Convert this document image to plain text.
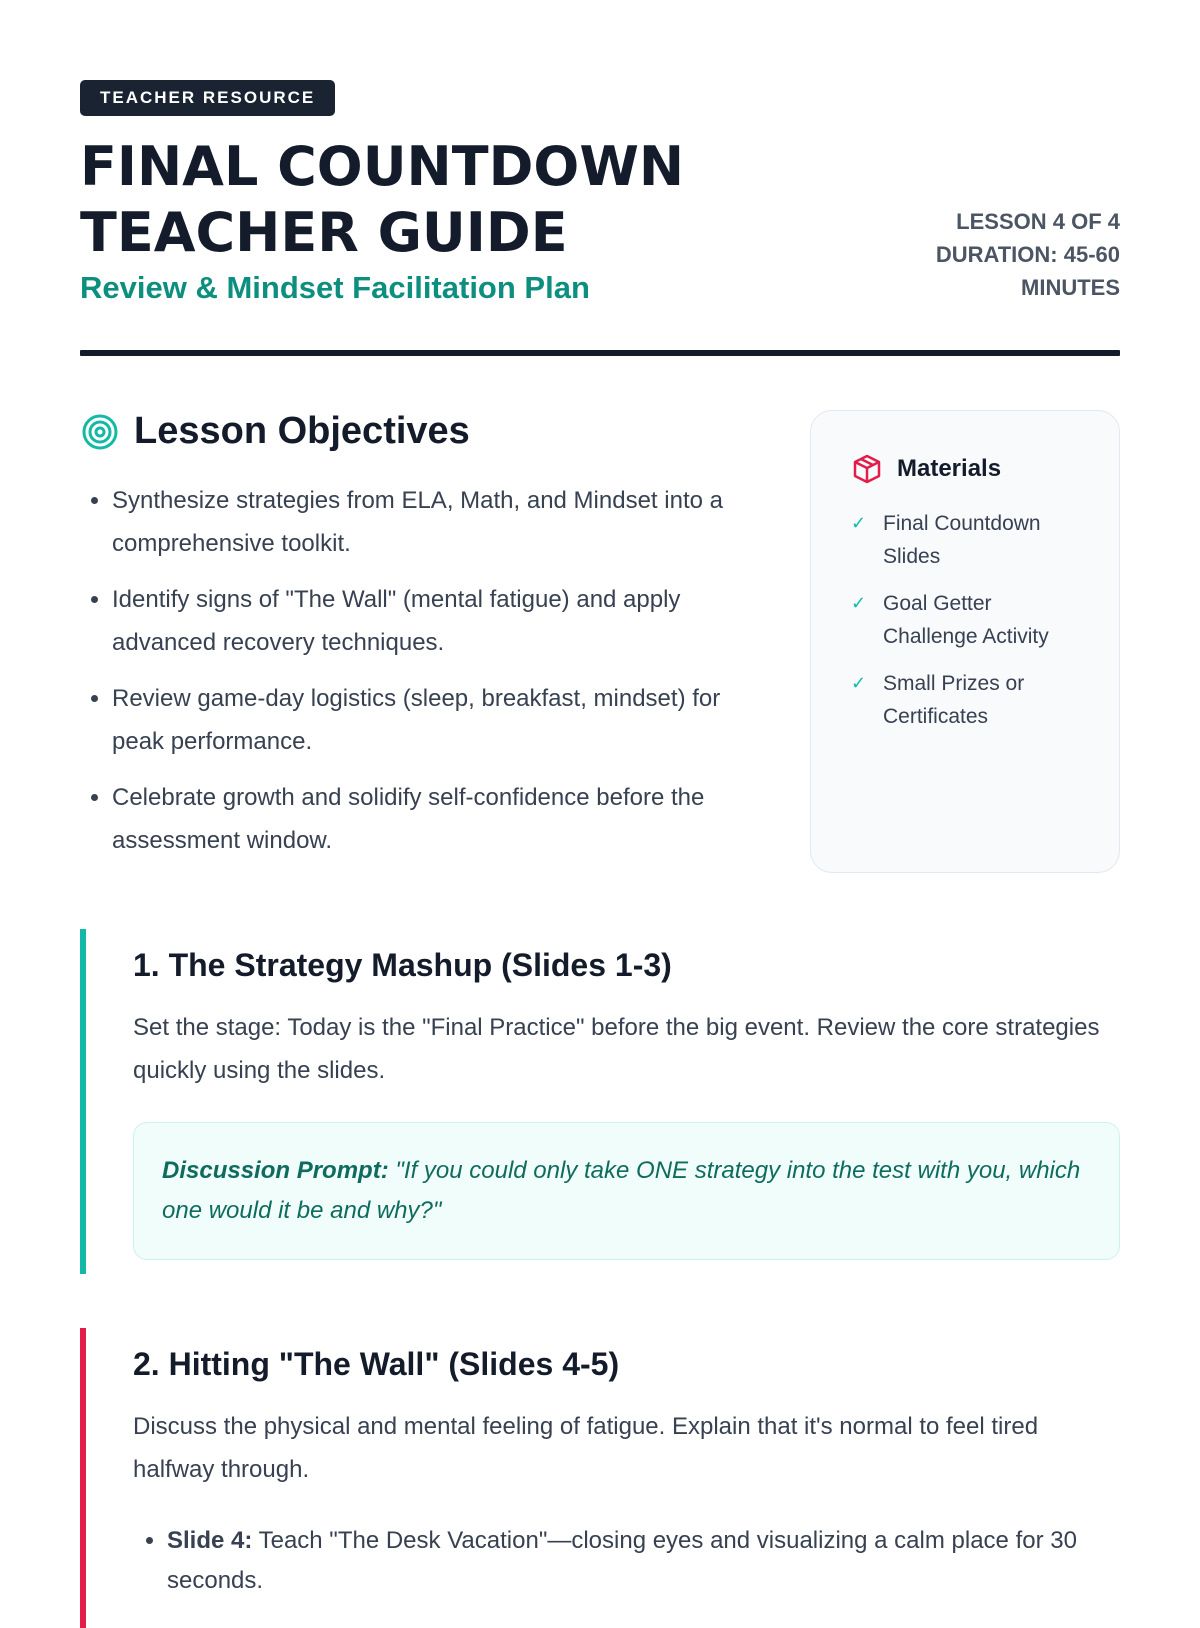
TEACHER RESOURCE
FINAL COUNTDOWN
TEACHER GUIDE
Review & Mindset Facilitation Plan
LESSON 4 OF 4
DURATION: 45-60
MINUTES
Lesson Objectives
• Synthesize strategies from ELA, Math, and Mindset into a comprehensive toolkit.
• Identify signs of "The Wall" (mental fatigue) and apply advanced recovery techniques.
• Review game-day logistics (sleep, breakfast, mindset) for peak performance.
• Celebrate growth and solidify self-confidence before the assessment window.
Materials
✓ Final Countdown Slides
✓ Goal Getter Challenge Activity
✓ Small Prizes or Certificates
1. The Strategy Mashup (Slides 1-3)

Set the stage: Today is the "Final Practice" before the big event. Review the core strategies quickly using the slides.

Discussion Prompt: "If you could only take ONE strategy into the test with you, which one would it be and why?"
2. Hitting "The Wall" (Slides 4-5)

Discuss the physical and mental feeling of fatigue. Explain that it's normal to feel tired halfway through.

• Slide 4: Teach "The Desk Vacation"—closing eyes and visualizing a calm place for 30 seconds.
